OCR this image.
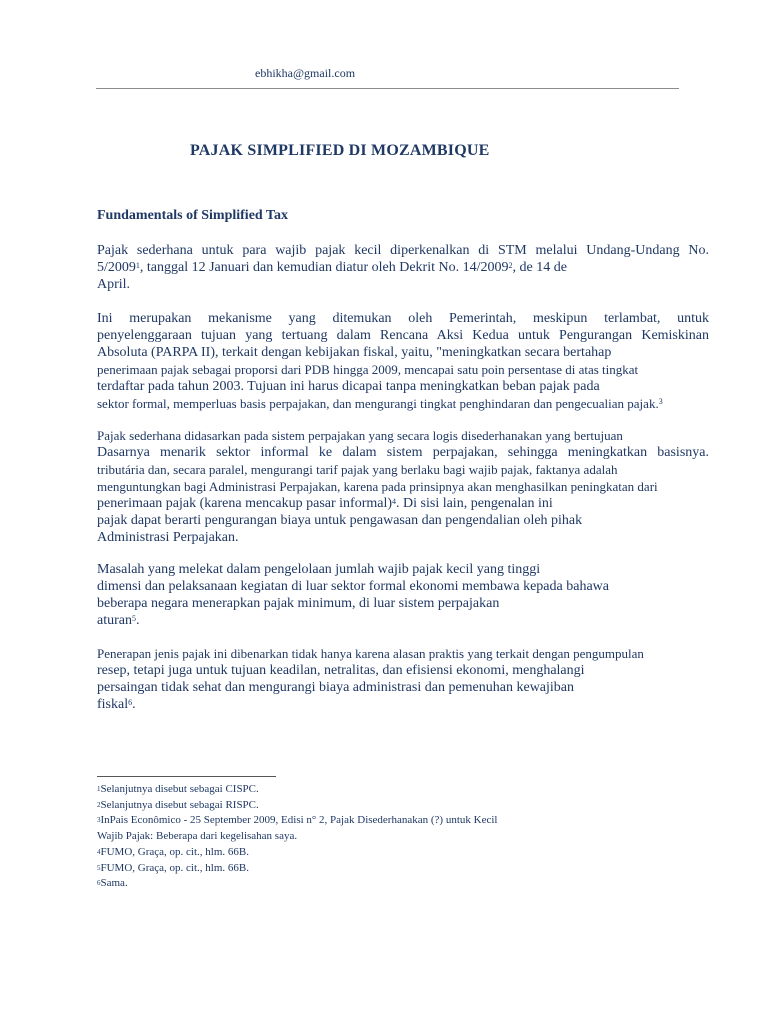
ebhikha@gmail.com
PAJAK SIMPLIFIED DI MOZAMBIQUE
Fundamentals of Simplified Tax
Pajak sederhana untuk para wajib pajak kecil diperkenalkan di STM melalui Undang-Undang No.
5/2009$^1$, tanggal 12 Januari dan kemudian diatur oleh Dekrit No. 14/2009$^2$, de 14 de
April.
Ini merupakan mekanisme yang ditemukan oleh Pemerintah, meskipun terlambat, untuk
penyelenggaraan tujuan yang tertuang dalam Rencana Aksi Kedua untuk Pengurangan Kemiskinan
Absoluta (PARPA II), terkait dengan kebijakan fiskal, yaitu, "meningkatkan secara bertahap
penerimaan pajak sebagai proporsi dari PDB hingga 2009, mencapai satu poin persentase di atas tingkat
terdaftar pada tahun 2003. Tujuan ini harus dicapai tanpa meningkatkan beban pajak pada
sektor formal, memperluas basis perpajakan, dan mengurangi tingkat penghindaran dan pengecualian pajak.$^3$
Pajak sederhana didasarkan pada sistem perpajakan yang secara logis disederhanakan yang bertujuan
Dasarnya menarik sektor informal ke dalam sistem perpajakan, sehingga meningkatkan basisnya.
tributária dan, secara paralel, mengurangi tarif pajak yang berlaku bagi wajib pajak, faktanya adalah
menguntungkan bagi Administrasi Perpajakan, karena pada prinsipnya akan menghasilkan peningkatan dari
penerimaan pajak (karena mencakup pasar informal)$^4$. Di sisi lain, pengenalan ini
pajak dapat berarti pengurangan biaya untuk pengawasan dan pengendalian oleh pihak
Administrasi Perpajakan.
Masalah yang melekat dalam pengelolaan jumlah wajib pajak kecil yang tinggi
dimensi dan pelaksanaan kegiatan di luar sektor formal ekonomi membawa kepada bahawa
beberapa negara menerapkan pajak minimum, di luar sistem perpajakan
aturan$^5$.
Penerapan jenis pajak ini dibenarkan tidak hanya karena alasan praktis yang terkait dengan pengumpulan
resep, tetapi juga untuk tujuan keadilan, netralitas, dan efisiensi ekonomi, menghalangi
persaingan tidak sehat dan mengurangi biaya administrasi dan pemenuhan kewajiban
fiskal$^6$.
$^1$Selanjutnya disebut sebagai CISPC.
$^2$Selanjutnya disebut sebagai RISPC.
$^3$InPais Econômico - 25 September 2009, Edisi n° 2, Pajak Disederhanakan (?) untuk Kecil
Wajib Pajak: Beberapa dari kegelisahan saya.
$^4$FUMO, Graça, op. cit., hlm. 66B.
$^5$FUMO, Graça, op. cit., hlm. 66B.
$^6$Sama.
